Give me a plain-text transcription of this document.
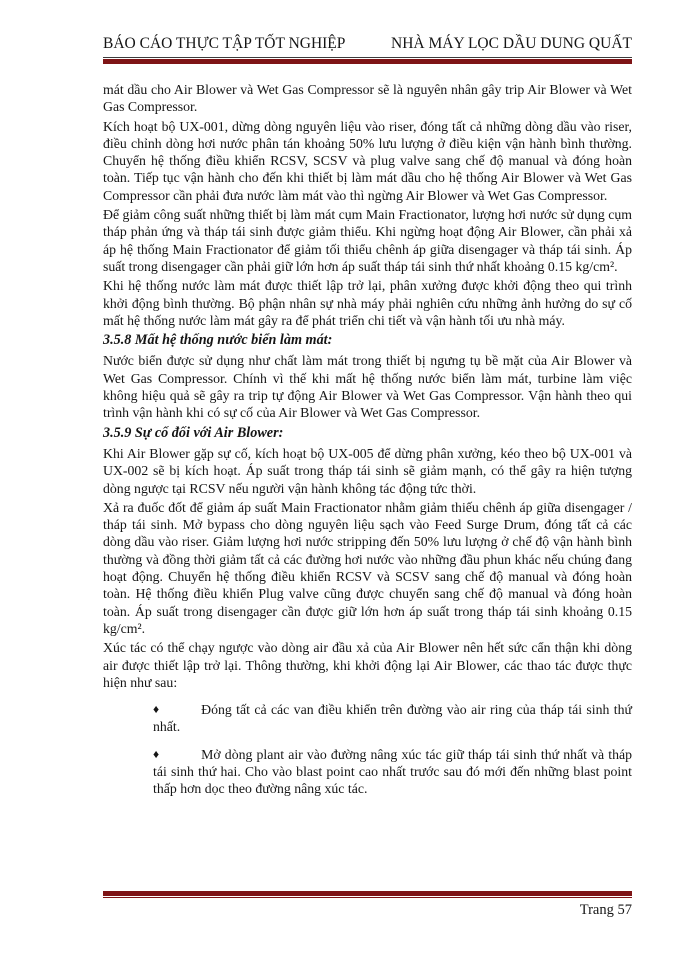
BÁO CÁO THỰC TẬP TỐT NGHIỆP	NHÀ MÁY LỌC DẦU DUNG QUẤT

mát dầu cho Air Blower và Wet Gas Compressor sẽ là nguyên nhân gây trip Air Blower và Wet Gas Compressor.

Kích hoạt bộ UX-001, dừng dòng nguyên liệu vào riser, đóng tất cả những dòng dầu vào riser, điều chỉnh dòng hơi nước phân tán khoảng 50% lưu lượng ở điều kiện vận hành bình thường. Chuyển hệ thống điều khiển RCSV, SCSV và plug valve sang chế độ manual và đóng hoàn toàn. Tiếp tục vận hành cho đến khi thiết bị làm mát dầu cho hệ thống Air Blower và Wet Gas Compressor cần phải đưa nước làm mát vào thì ngừng Air Blower và Wet Gas Compressor.

Để giảm công suất những thiết bị làm mát cụm Main Fractionator, lượng hơi nước sử dụng cụm tháp phản ứng và tháp tái sinh được giảm thiểu. Khi ngừng hoạt động Air Blower, cần phải xả áp hệ thống Main Fractionator để giảm tối thiểu chênh áp giữa disengager và tháp tái sinh. Áp suất trong disengager cần phải giữ lớn hơn áp suất tháp tái sinh thứ nhất khoảng 0.15 kg/cm².

Khi hệ thống nước làm mát được thiết lập trở lại, phân xưởng được khởi động theo qui trình khởi động bình thường. Bộ phận nhân sự nhà máy phải nghiên cứu những ảnh hưởng do sự cố mất hệ thống nước làm mát gây ra để phát triển chi tiết và vận hành tối ưu nhà máy.

3.5.8 Mất hệ thống nước biển làm mát:

Nước biển được sử dụng như chất làm mát trong thiết bị ngưng tụ bề mặt của Air Blower và Wet Gas Compressor. Chính vì thế khi mất hệ thống nước biển làm mát, turbine làm việc không hiệu quả sẽ gây ra trip tự động Air Blower và Wet Gas Compressor. Vận hành theo qui trình vận hành khi có sự cố của Air Blower và Wet Gas Compressor.

3.5.9 Sự cố đối với Air Blower:

Khi Air Blower gặp sự cố, kích hoạt bộ UX-005 để dừng phân xưởng, kéo theo bộ UX-001 và UX-002 sẽ bị kích hoạt. Áp suất trong tháp tái sinh sẽ giảm mạnh, có thể gây ra hiện tượng dòng ngược tại RCSV nếu người vận hành không tác động tức thời.

Xả ra đuốc đốt để giảm áp suất Main Fractionator nhằm giảm thiếu chênh áp giữa disengager / tháp tái sinh. Mở bypass cho dòng nguyên liệu sạch vào Feed Surge Drum, đóng tất cả các dòng dầu vào riser. Giảm lượng hơi nước stripping đến 50% lưu lượng ở chế độ vận hành bình thường và đồng thời giảm tất cả các đường hơi nước vào những đầu phun khác nếu chúng đang hoạt động. Chuyển hệ thống điều khiển RCSV và SCSV sang chế độ manual và đóng hoàn toàn. Hệ thống điều khiển Plug valve cũng được chuyển sang chế độ manual và đóng hoàn toàn. Áp suất trong disengager cần được giữ lớn hơn áp suất trong tháp tái sinh khoảng 0.15 kg/cm².

Xúc tác có thể chạy ngược vào dòng air đầu xả của Air Blower nên hết sức cẩn thận khi dòng air được thiết lập trở lại. Thông thường, khi khởi động lại Air Blower, các thao tác được thực hiện như sau:

♦	Đóng tất cả các van điều khiển trên đường vào air ring của tháp tái sinh thứ nhất.
♦	Mở dòng plant air vào đường nâng xúc tác giữ tháp tái sinh thứ nhất và tháp tái sinh thứ hai. Cho vào blast point cao nhất trước sau đó mới đến những blast point thấp hơn dọc theo đường nâng xúc tác.
Trang 57
